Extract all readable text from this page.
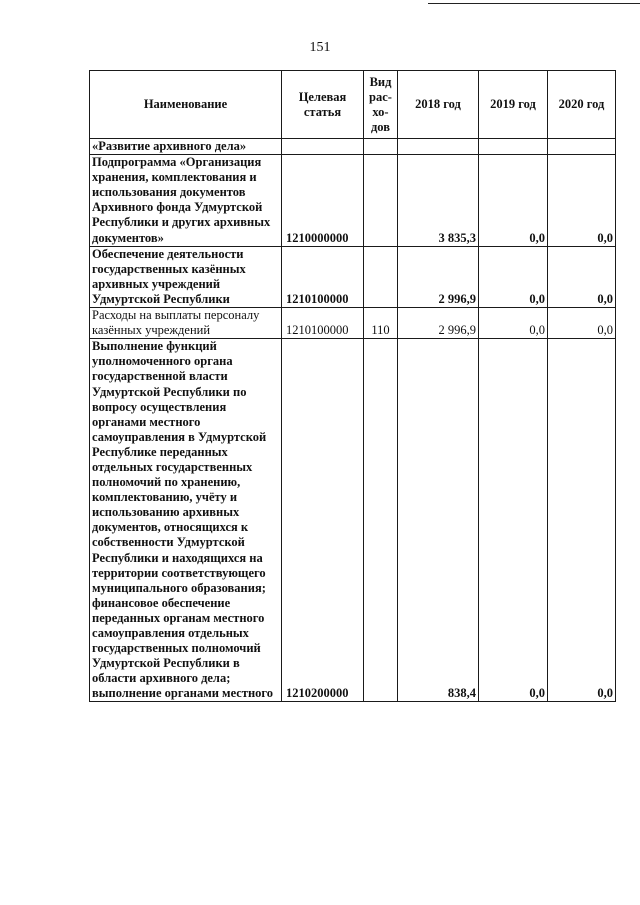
151
Наименование	Целевая статья	Вид рас-хо-дов	2018 год	2019 год	2020 год
«Развитие архивного дела»					
Подпрограмма «Организация хранения, комплектования и использования документов Архивного фонда Удмуртской Республики и других архивных документов»	1210000000		3 835,3	0,0	0,0
Обеспечение деятельности государственных казённых архивных учреждений Удмуртской Республики	1210100000		2 996,9	0,0	0,0
Расходы на выплаты персоналу казённых учреждений	1210100000	110	2 996,9	0,0	0,0
Выполнение функций уполномоченного органа государственной власти Удмуртской Республики по вопросу осуществления органами местного самоуправления в Удмуртской Республике переданных отдельных государственных полномочий по хранению, комплектованию, учёту и использованию архивных документов, относящихся к собственности Удмуртской Республики и находящихся на территории соответствующего муниципального образования; финансовое обеспечение переданных органам местного самоуправления отдельных государственных полномочий Удмуртской Республики в области архивного дела; выполнение органами местного	1210200000		838,4	0,0	0,0
